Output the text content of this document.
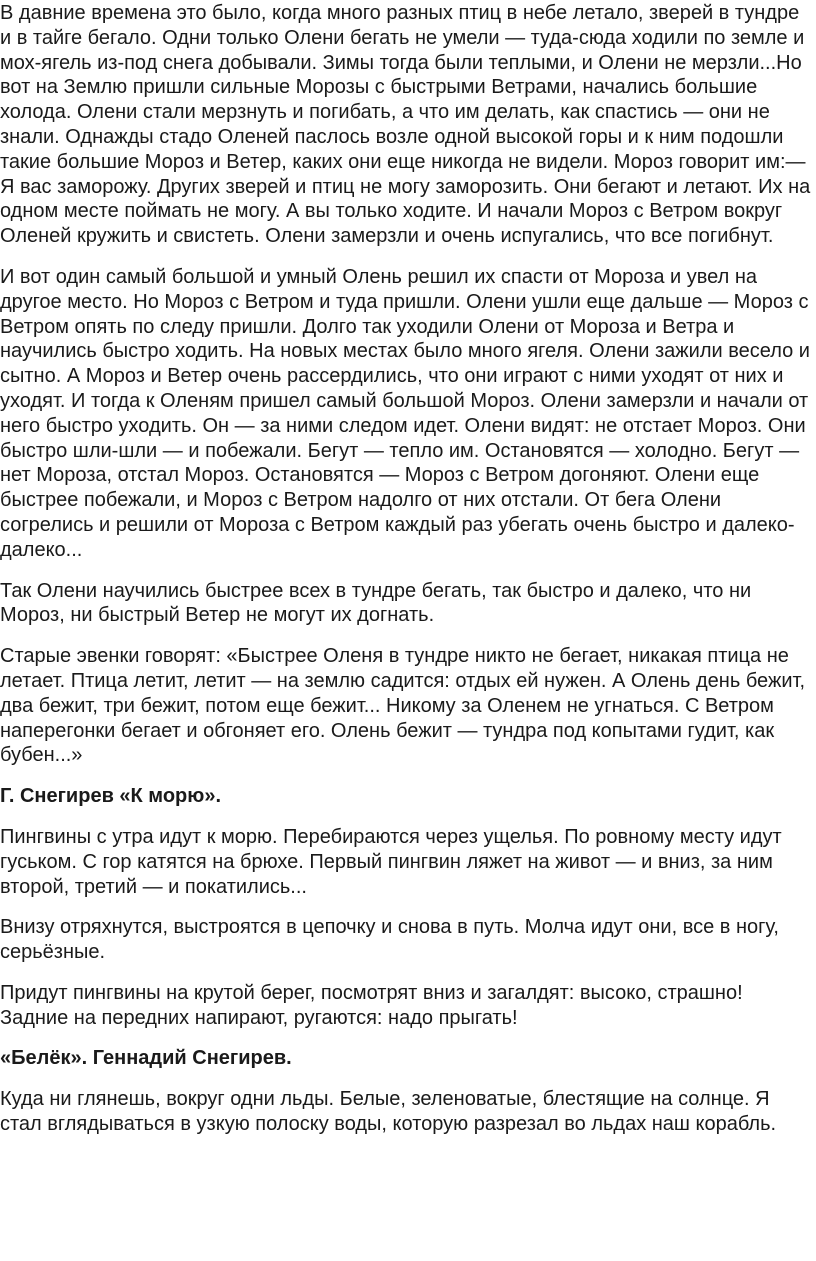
В давние времена это было, когда много разных птиц в небе летало, зверей в тундре и в тайге бегало. Одни только Олени бегать не умели — туда-сюда ходили по земле и мох-ягель из-под снега добывали. Зимы тогда были теплыми, и Олени не мерзли...Но вот на Землю пришли сильные Морозы с быстрыми Ветрами, начались большие холода. Олени стали мерзнуть и погибать, а что им делать, как спастись — они не знали. Однажды стадо Оленей паслось возле одной высокой горы и к ним подошли такие большие Мороз и Ветер, каких они еще никогда не видели. Мороз говорит им:— Я вас заморожу. Других зверей и птиц не могу заморозить. Они бегают и летают. Их на одном месте поймать не могу. А вы только ходите. И начали Мороз с Ветром вокруг Оленей кружить и свистеть. Олени замерзли и очень испугались, что все погибнут.

И вот один самый большой и умный Олень решил их спасти от Мороза и увел на другое место. Но Мороз с Ветром и туда пришли. Олени ушли еще дальше — Мороз с Ветром опять по следу пришли. Долго так уходили Олени от Мороза и Ветра и научились быстро ходить. На новых местах было много ягеля. Олени зажили весело и сытно. А Мороз и Ветер очень рассердились, что они играют с ними уходят от них и уходят. И тогда к Оленям пришел самый большой Мороз. Олени замерзли и начали от него быстро уходить. Он — за ними следом идет. Олени видят: не отстает Мороз. Они быстро шли-шли — и побежали. Бегут — тепло им. Остановятся — холодно. Бегут — нет Мороза, отстал Мороз. Остановятся — Мороз с Ветром догоняют. Олени еще быстрее побежали, и Мороз с Ветром надолго от них отстали. От бега Олени согрелись и решили от Мороза с Ветром каждый раз убегать очень быстро и далеко-далеко...

Так Олени научились быстрее всех в тундре бегать, так быстро и далеко, что ни Мороз, ни быстрый Ветер не могут их догнать.

Старые эвенки говорят: «Быстрее Оленя в тундре никто не бегает, никакая птица не летает. Птица летит, летит — на землю садится: отдых ей нужен. А Олень день бежит, два бежит, три бежит, потом еще бежит... Никому за Оленем не угнаться. С Ветром наперегонки бегает и обгоняет его. Олень бежит — тундра под копытами гудит, как бубен...»

Г. Снегирев «К морю».

Пингвины с утра идут к морю. Перебираются через ущелья. По ровному месту идут гуськом. С гор катятся на брюхе. Первый пингвин ляжет на живот — и вниз, за ним второй, третий — и покатились...

Внизу отряхнутся, выстроятся в цепочку и снова в путь. Молча идут они, все в ногу, серьёзные.

Придут пингвины на крутой берег, посмотрят вниз и загалдят: высоко, страшно! Задние на передних напирают, ругаются: надо прыгать!

«Белёк». Геннадий Снегирев.

Куда ни глянешь, вокруг одни льды. Белые, зеленоватые, блестящие на солнце. Я стал вглядываться в узкую полоску воды, которую разрезал во льдах наш корабль.
